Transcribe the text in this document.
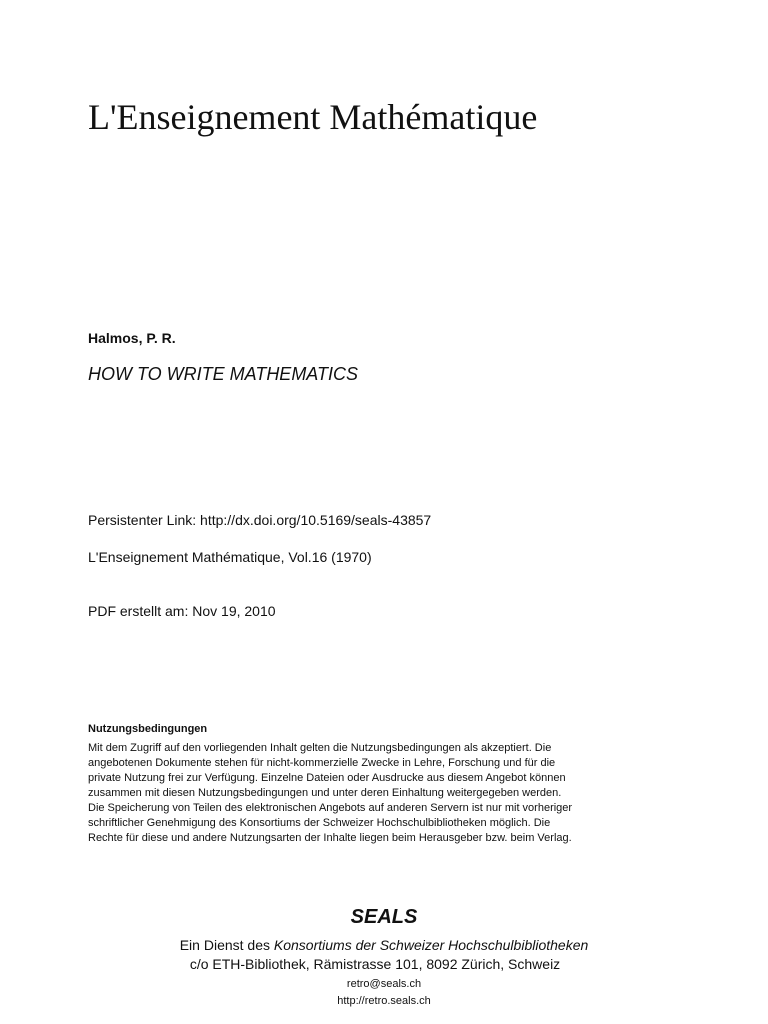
L'Enseignement Mathématique
Halmos, P. R.
HOW TO WRITE MATHEMATICS
Persistenter Link: http://dx.doi.org/10.5169/seals-43857
L'Enseignement Mathématique, Vol.16 (1970)
PDF erstellt am: Nov 19, 2010
Nutzungsbedingungen
Mit dem Zugriff auf den vorliegenden Inhalt gelten die Nutzungsbedingungen als akzeptiert. Die
angebotenen Dokumente stehen für nicht-kommerzielle Zwecke in Lehre, Forschung und für die
private Nutzung frei zur Verfügung. Einzelne Dateien oder Ausdrucke aus diesem Angebot können
zusammen mit diesen Nutzungsbedingungen und unter deren Einhaltung weitergegeben werden.
Die Speicherung von Teilen des elektronischen Angebots auf anderen Servern ist nur mit vorheriger
schriftlicher Genehmigung des Konsortiums der Schweizer Hochschulbibliotheken möglich. Die
Rechte für diese und andere Nutzungsarten der Inhalte liegen beim Herausgeber bzw. beim Verlag.
SEALS
Ein Dienst des Konsortiums der Schweizer Hochschulbibliotheken
c/o ETH-Bibliothek, Rämistrasse 101, 8092 Zürich, Schweiz
retro@seals.ch
http://retro.seals.ch
